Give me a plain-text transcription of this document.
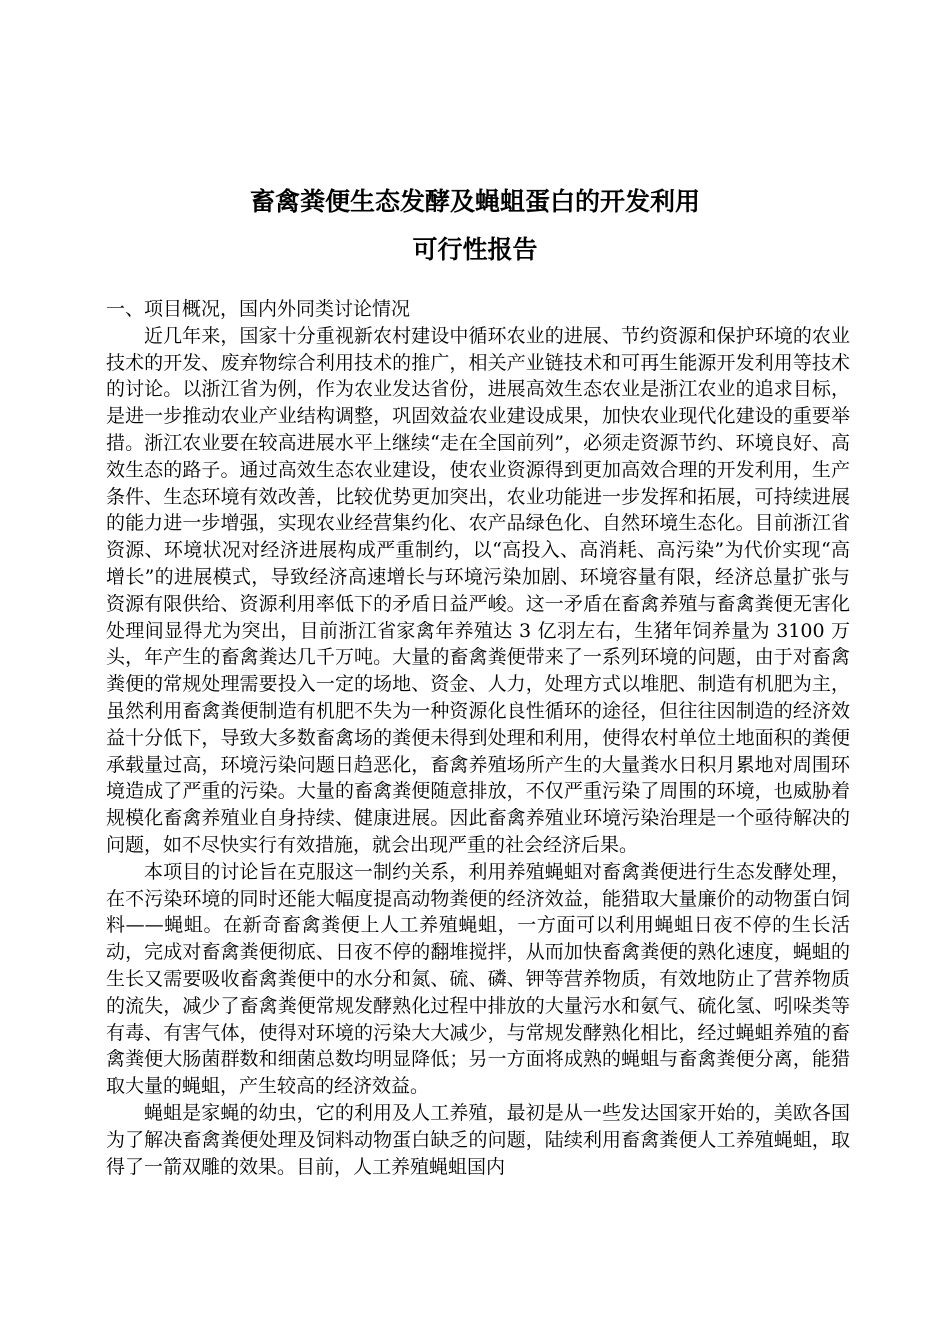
畜禽粪便生态发酵及蝇蛆蛋白的开发利用
可行性报告
一、项目概况，国内外同类讨论情况

近几年来，国家十分重视新农村建设中循环农业的进展、节约资源和保护环境的农业技术的开发、废弃物综合利用技术的推广，相关产业链技术和可再生能源开发利用等技术的讨论。以浙江省为例，作为农业发达省份，进展高效生态农业是浙江农业的追求目标，是进一步推动农业产业结构调整，巩固效益农业建设成果，加快农业现代化建设的重要举措。浙江农业要在较高进展水平上继续“走在全国前列”，必须走资源节约、环境良好、高效生态的路子。通过高效生态农业建设，使农业资源得到更加高效合理的开发利用，生产条件、生态环境有效改善，比较优势更加突出，农业功能进一步发挥和拓展，可持续进展的能力进一步增强，实现农业经营集约化、农产品绿色化、自然环境生态化。目前浙江省资源、环境状况对经济进展构成严重制约，以“高投入、高消耗、高污染”为代价实现“高增长”的进展模式，导致经济高速增长与环境污染加剧、环境容量有限，经济总量扩张与资源有限供给、资源利用率低下的矛盾日益严峻。这一矛盾在畜禽养殖与畜禽粪便无害化处理间显得尤为突出，目前浙江省家禽年养殖达 3 亿羽左右，生猪年饲养量为 3100 万头，年产生的畜禽粪达几千万吨。大量的畜禽粪便带来了一系列环境的问题，由于对畜禽粪便的常规处理需要投入一定的场地、资金、人力，处理方式以堆肥、制造有机肥为主，虽然利用畜禽粪便制造有机肥不失为一种资源化良性循环的途径，但往往因制造的经济效益十分低下，导致大多数畜禽场的粪便未得到处理和利用，使得农村单位土地面积的粪便承载量过高，环境污染问题日趋恶化，畜禽养殖场所产生的大量粪水日积月累地对周围环境造成了严重的污染。大量的畜禽粪便随意排放，不仅严重污染了周围的环境，也威胁着规模化畜禽养殖业自身持续、健康进展。因此畜禽养殖业环境污染治理是一个亟待解决的问题，如不尽快实行有效措施，就会出现严重的社会经济后果。

本项目的讨论旨在克服这一制约关系，利用养殖蝇蛆对畜禽粪便进行生态发酵处理，在不污染环境的同时还能大幅度提高动物粪便的经济效益，能猎取大量廉价的动物蛋白饲料——蝇蛆。在新奇畜禽粪便上人工养殖蝇蛆，一方面可以利用蝇蛆日夜不停的生长活动，完成对畜禽粪便彻底、日夜不停的翻堆搅拌，从而加快畜禽粪便的熟化速度，蝇蛆的生长又需要吸收畜禽粪便中的水分和氮、硫、磷、钾等营养物质，有效地防止了营养物质的流失，减少了畜禽粪便常规发酵熟化过程中排放的大量污水和氨气、硫化氢、吲哚类等有毒、有害气体，使得对环境的污染大大减少，与常规发酵熟化相比，经过蝇蛆养殖的畜禽粪便大肠菌群数和细菌总数均明显降低；另一方面将成熟的蝇蛆与畜禽粪便分离，能猎取大量的蝇蛆，产生较高的经济效益。

蝇蛆是家蝇的幼虫，它的利用及人工养殖，最初是从一些发达国家开始的，美欧各国为了解决畜禽粪便处理及饲料动物蛋白缺乏的问题，陆续利用畜禽粪便人工养殖蝇蛆，取得了一箭双雕的效果。目前，人工养殖蝇蛆国内
